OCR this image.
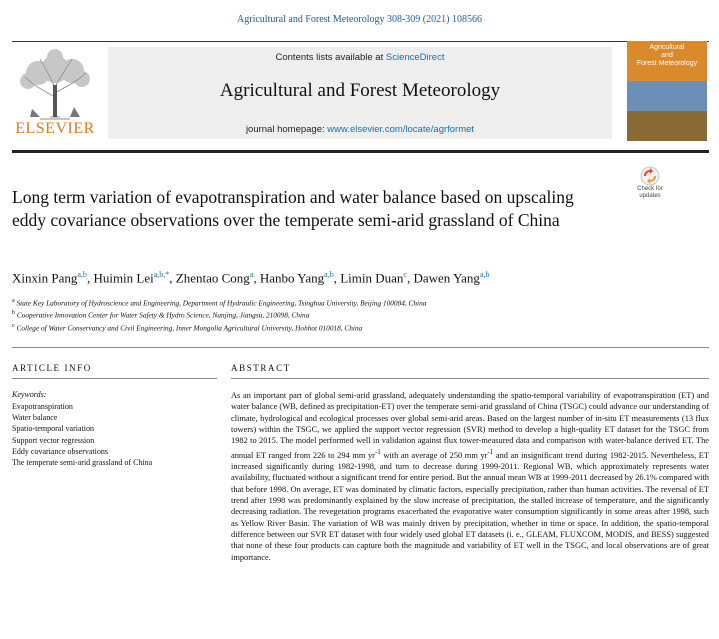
Agricultural and Forest Meteorology 308-309 (2021) 108566
ELSEVIER
Contents lists available at ScienceDirect
Agricultural and Forest Meteorology
journal homepage: www.elsevier.com/locate/agrformet
Agricultural
and
Forest Meteorology
Long term variation of evapotranspiration and water balance based on upscaling eddy covariance observations over the temperate semi-arid grassland of China
Check for
updates
Xinxin Pang$^{a,b}$, Huimin Lei$^{a,b,*}$, Zhentao Cong$^a$, Hanbo Yang$^{a,b}$, Limin Duan$^c$, Dawen Yang$^{a,b}$
$^a$ State Key Laboratory of Hydroscience and Engineering, Department of Hydraulic Engineering, Tsinghua University, Beijing 100084, China
$^b$ Cooperative Innovation Center for Water Safety & Hydro Science, Nanjing, Jiangsu, 210098, China
$^c$ College of Water Conservancy and Civil Engineering, Inner Mongolia Agricultural University, Hohhot 010018, China
ARTICLE INFO
Keywords:
Evapotranspiration
Water balance
Spatio-temporal variation
Support vector regression
Eddy covariance observations
The temperate semi-arid grassland of China
ABSTRACT
As an important part of global semi-arid grassland, adequately understanding the spatio-temporal variability of evapotranspiration (ET) and water balance (WB, defined as precipitation-ET) over the temperate semi-arid grassland of China (TSGC) could advance our understanding of climate, hydrological and ecological processes over global semi-arid areas. Based on the largest number of in-situ ET measurements (13 flux towers) within the TSGC, we applied the support vector regression (SVR) method to develop a high-quality ET dataset for the TSGC from 1982 to 2015. The model performed well in validation against flux tower-measured data and comparison with water-balance derived ET. The annual ET ranged from 226 to 294 mm $yr^{-1}$ with an average of 250 mm $yr^{-1}$ and an insignificant trend during 1982-2015. Nevertheless, ET increased significantly during 1982-1998, and turn to decrease during 1999-2011. Regional WB, which approximately represents water availability, fluctuated without a significant trend for entire period. But the annual mean WB at 1999-2011 decreased by 26.1% compared with that before 1998. On average, ET was dominated by climatic factors, especially precipitation, rather than human activities. The reversal of ET trend after 1998 was predominantly explained by the slow increase of precipitation, the stalled increase of temperature, and the significantly decreasing radiation. The revegetation programs exacerbated the evaporative water consumption significantly in some areas after 1998, such as Yellow River Basin. The variation of WB was mainly driven by precipitation, whether in time or space. In addition, the spatio-temporal difference between our SVR ET dataset with four widely used global ET datasets (i. e., GLEAM, FLUXCOM, MODIS, and BESS) suggested that none of these four products can capture both the magnitude and variability of ET well in the TSGC, and local observations are of great importance.
